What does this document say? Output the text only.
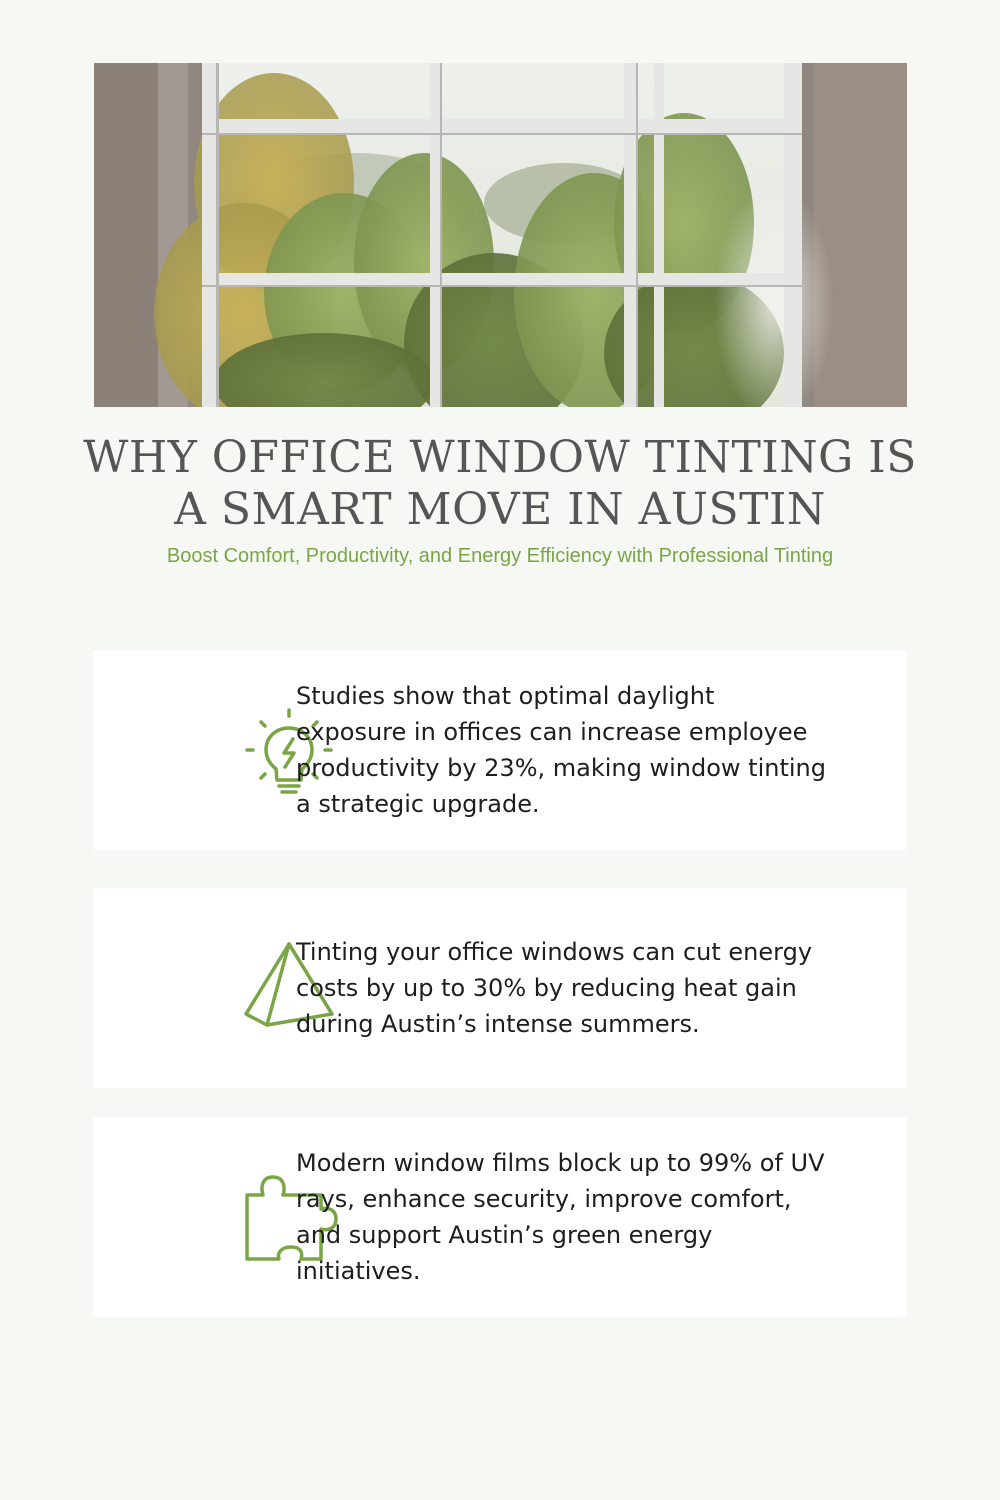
WHY OFFICE WINDOW TINTING IS A SMART MOVE IN AUSTIN

Boost Comfort, Productivity, and Energy Efficiency with Professional Tinting

Studies show that optimal daylight exposure in offices can increase employee productivity by 23%, making window tinting a strategic upgrade.

Tinting your office windows can cut energy costs by up to 30% by reducing heat gain during Austin’s intense summers.

Modern window films block up to 99% of UV rays, enhance security, improve comfort, and support Austin’s green energy initiatives.
